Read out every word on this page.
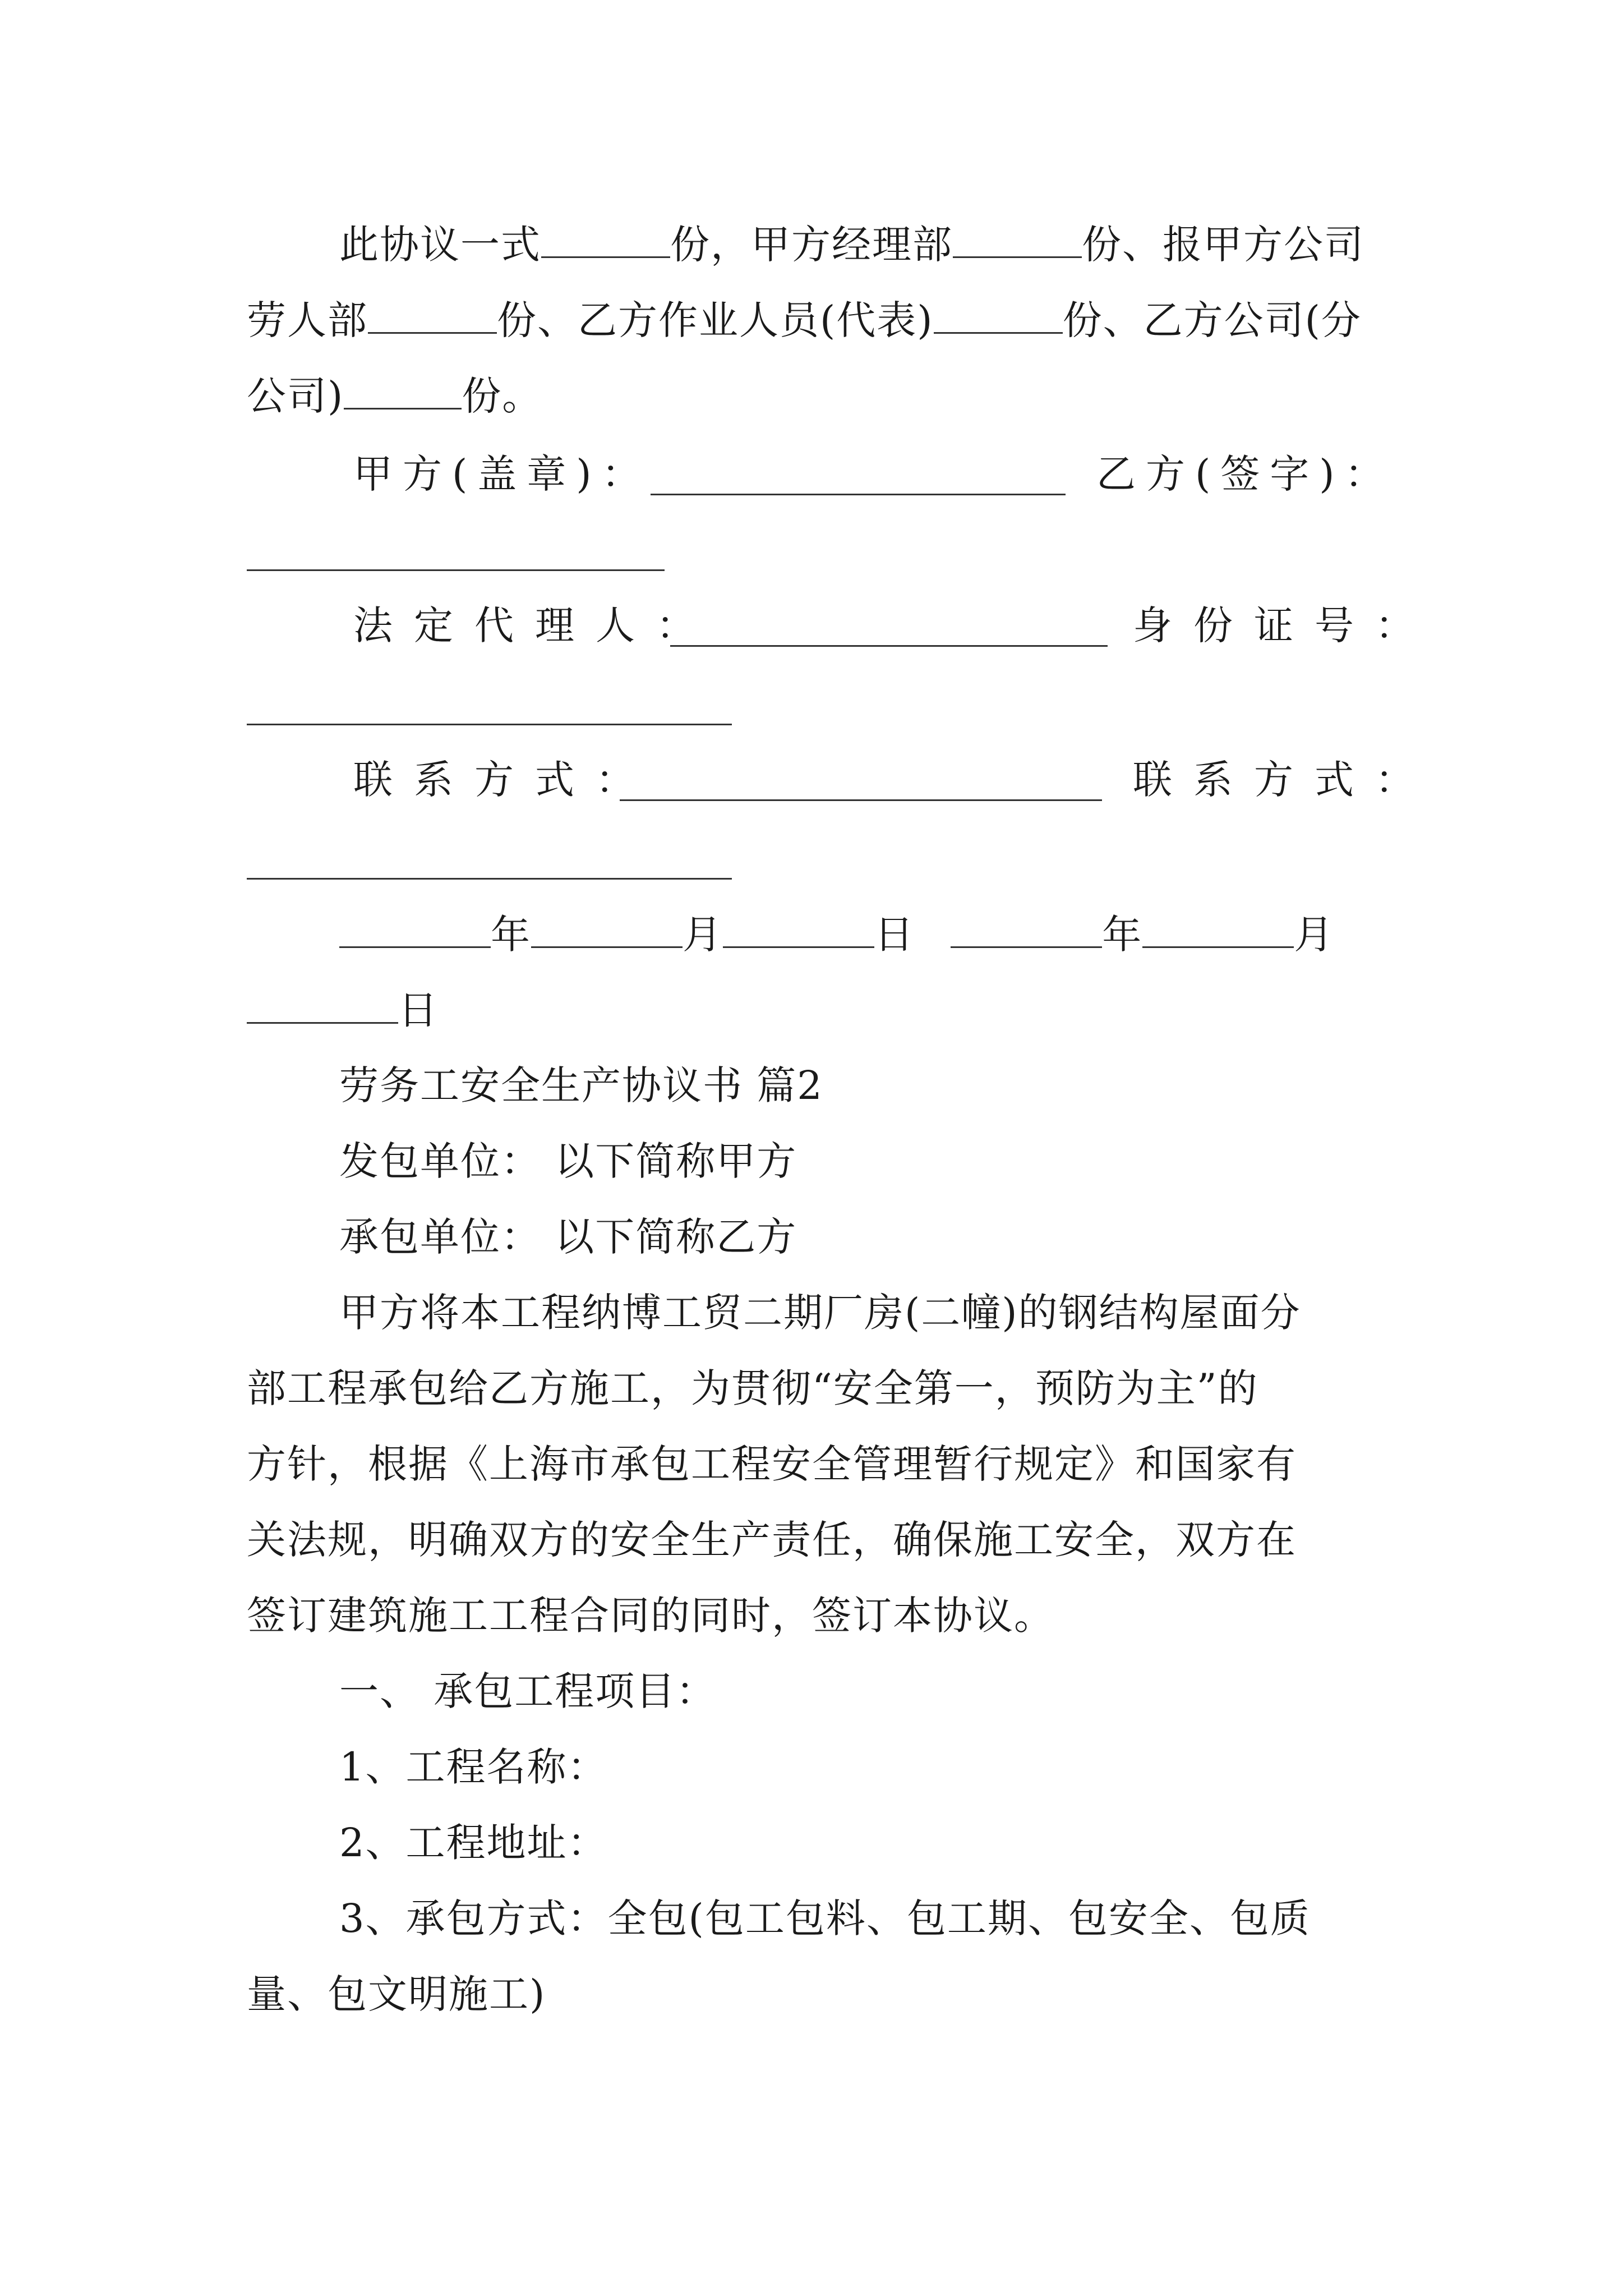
此协议一式	份，甲方经理部	份、报甲方公司
劳人部	份、乙方作业人员(代表)	份、乙方公司(分
公司)	份。
甲方(盖章)：	乙方(签字)：
法定代理人：	身份证号：
联系方式：	联系方式：
年	月	日	年	月
日
劳务工安全生产协议书 篇2
发包单位： 以下简称甲方
承包单位： 以下简称乙方
甲方将本工程纳博工贸二期厂房(二幢)的钢结构屋面分
部工程承包给乙方施工，为贯彻“安全第一，预防为主”的
方针，根据《上海市承包工程安全管理暂行规定》和国家有
关法规，明确双方的安全生产责任，确保施工安全，双方在
签订建筑施工工程合同的同时，签订本协议。
一、 承包工程项目：
1、工程名称：
2、工程地址：
3、承包方式：全包(包工包料、包工期、包安全、包质
量、包文明施工)
